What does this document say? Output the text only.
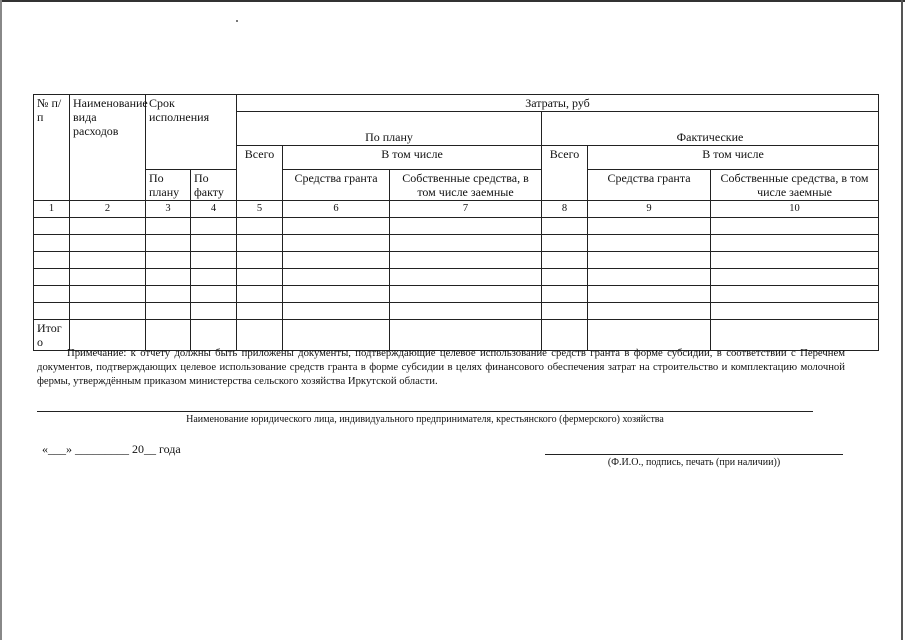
№ п/п	Наименование вида расходов	Срок исполнения		Затраты, руб					
				По плану			Фактические		
				Всего	В том числе		Всего	В том числе	
		По плану	По факту		Средства гранта	Собственные средства, в том числе заемные		Средства гранта	Собственные средства, в том числе заемные
1	2	3	4	5	6	7	8	9	10

Итого									
Примечание: к отчету должны быть приложены документы, подтверждающие целевое использование средств гранта в форме субсидии, в соответствии с Перечнем документов, подтверждающих целевое использование средств гранта в форме субсидии в целях финансового обеспечения затрат на строительство и комплектацию молочной фермы, утверждённым приказом министерства сельского хозяйства Иркутской области.
Наименование юридического лица, индивидуального предпринимателя, крестьянского (фермерского) хозяйства
«___» _________ 20__ года
(Ф.И.О., подпись, печать (при наличии))
